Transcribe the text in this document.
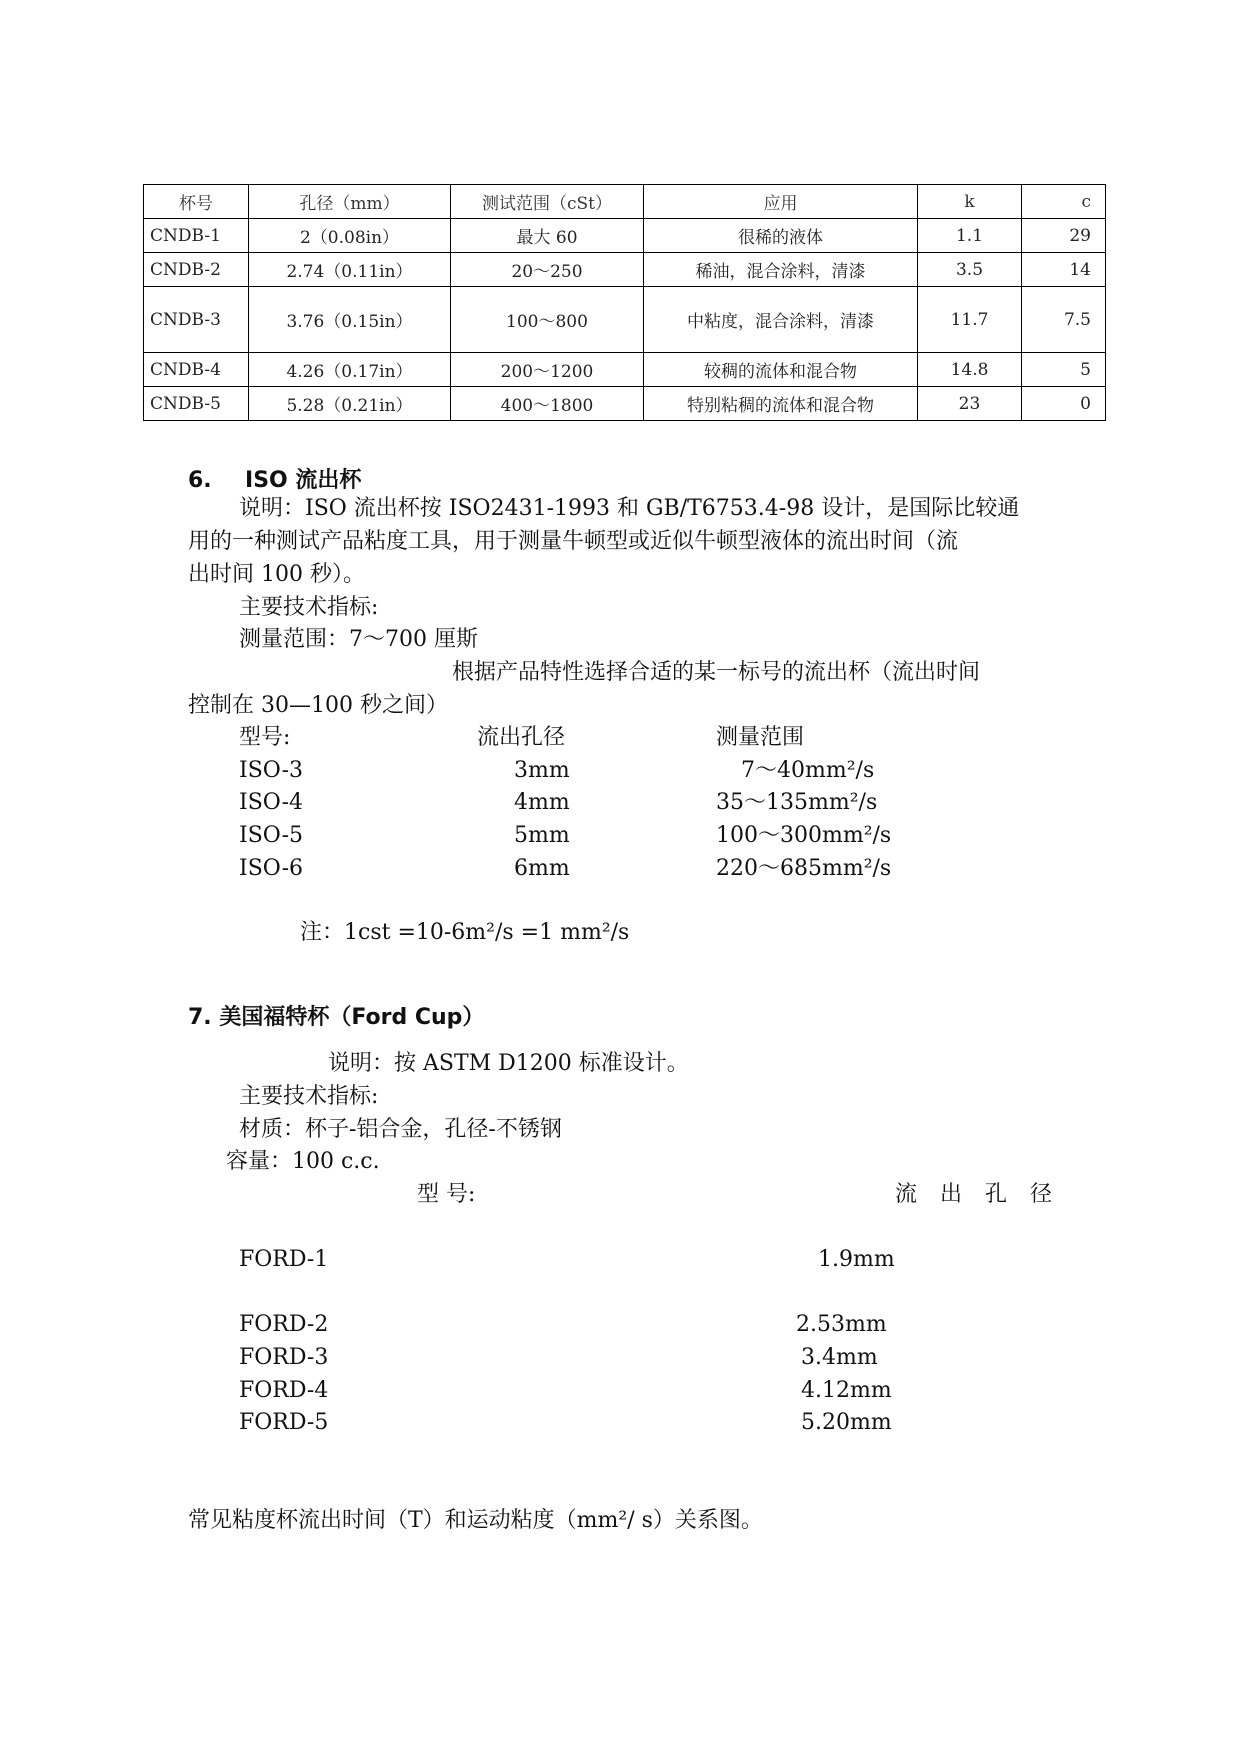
杯号	孔径（mm）	测试范围（cSt）	应用	k	c
CNDB-1	2（0.08in）	最大 60	很稀的液体	1.1	29
CNDB-2	2.74（0.11in）	20～250	稀油，混合涂料，清漆	3.5	14
CNDB-3	3.76（0.15in）	100～800	中粘度，混合涂料，清漆	11.7	7.5
CNDB-4	4.26（0.17in）	200～1200	较稠的流体和混合物	14.8	5
CNDB-5	5.28（0.21in）	400～1800	特别粘稠的流体和混合物	23	0
6. ISO 流出杯
说明：ISO 流出杯按 ISO2431-1993 和 GB/T6753.4-98 设计，是国际比较通
用的一种测试产品粘度工具，用于测量牛顿型或近似牛顿型液体的流出时间（流
出时间 100 秒）。
主要技术指标:
测量范围：7～700 厘斯
根据产品特性选择合适的某一标号的流出杯（流出时间
控制在 30—100 秒之间）
型号:	流出孔径	测量范围
ISO-3	3mm	7～40mm²/s
ISO-4	4mm	35～135mm²/s
ISO-5	5mm	100～300mm²/s
ISO-6	6mm	220～685mm²/s
注：1cst =10-6m²/s =1 mm²/s
7. 美国福特杯（Ford Cup）
说明：按 ASTM D1200 标准设计。
主要技术指标:
材质：杯子-铝合金，孔径-不锈钢
容量：100 c.c.
型 号:	流 出 孔 径
FORD-1	1.9mm
FORD-2	2.53mm
FORD-3	3.4mm
FORD-4	4.12mm
FORD-5	5.20mm
常见粘度杯流出时间（T）和运动粘度（mm²/ s）关系图。
